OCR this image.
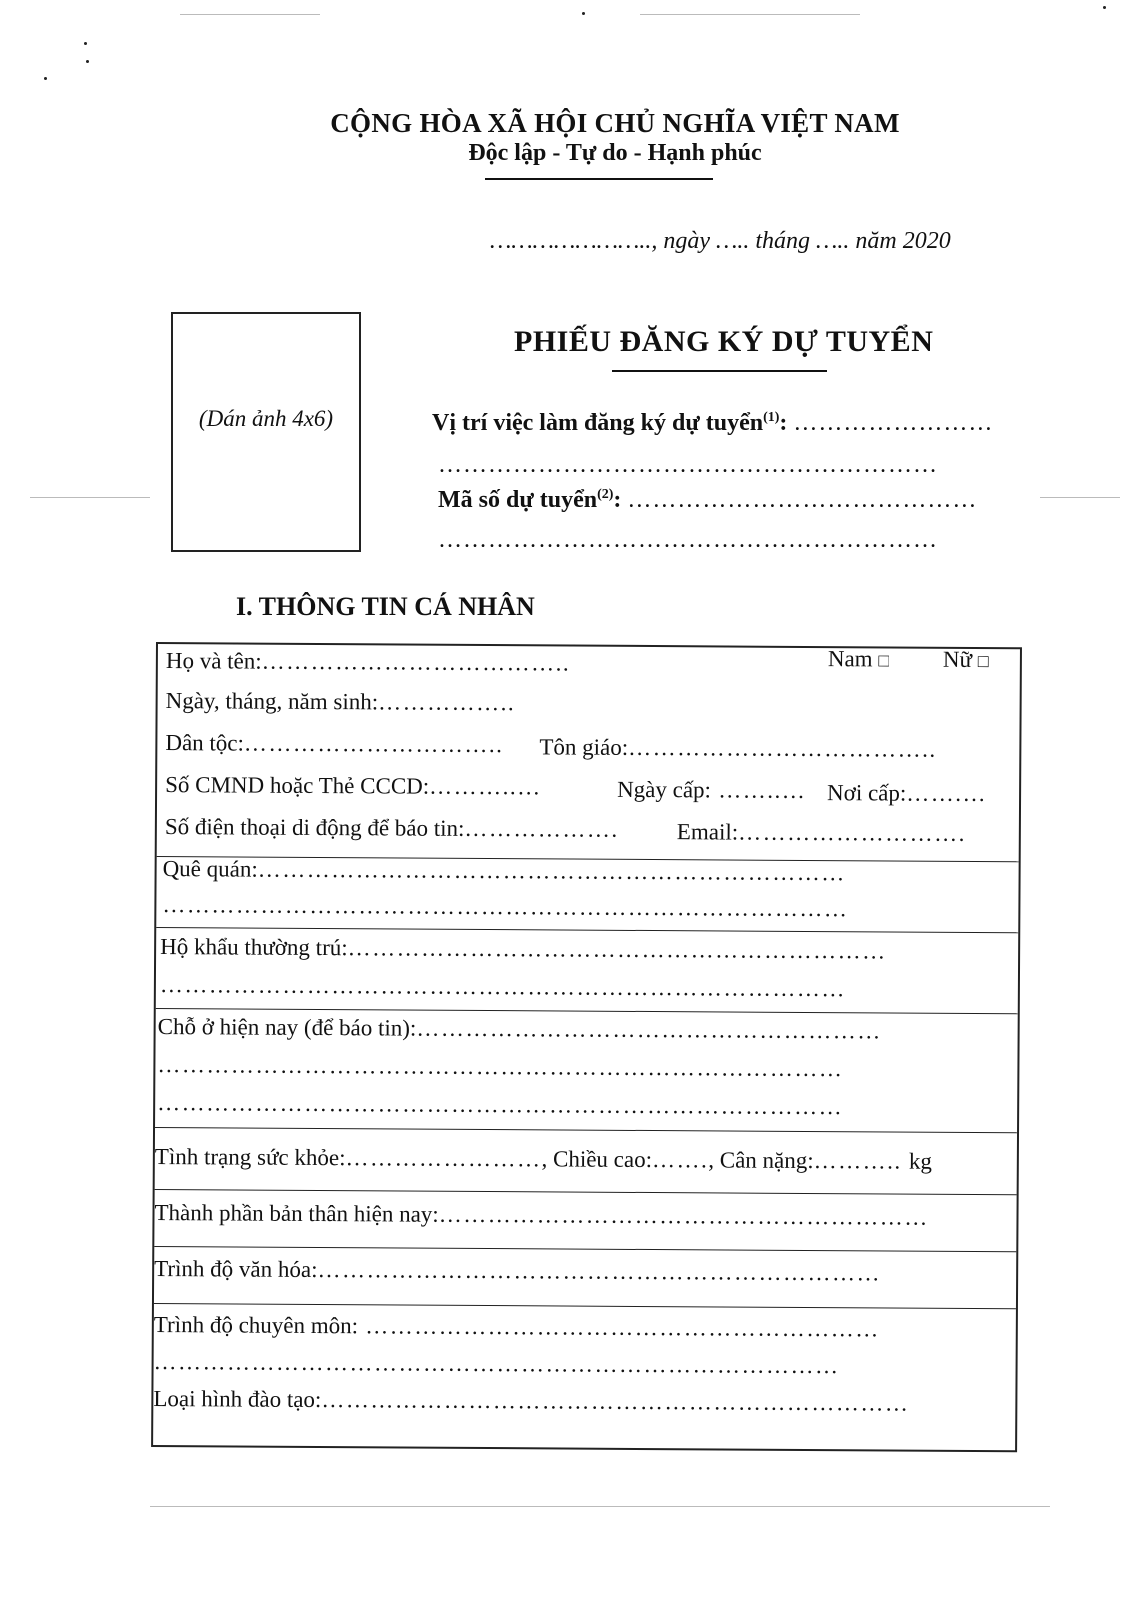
CỘNG HÒA XÃ HỘI CHỦ NGHĨA VIỆT NAM
Độc lập - Tự do - Hạnh phúc
………………….., ngày ….. tháng ….. năm 2020
(Dán ảnh 4x6)
PHIẾU ĐĂNG KÝ DỰ TUYỂN
Vị trí việc làm đăng ký dự tuyển$^{(1)}$: ……………………
……………………………………………………
Mã số dự tuyển$^{(2)}$: ……………………………………
……………………………………………………
I. THÔNG TIN CÁ NHÂN
Họ và tên:………………………………..	Nam □ Nữ □
Ngày, tháng, năm sinh:……………..
Dân tộc:………………………….. Tôn giáo:………………………………..
Số CMND hoặc Thẻ CCCD:………..…	Ngày cấp: ……..… Nơi cấp:…….…
Số điện thoại di động để báo tin:……………….	Email:……………………….
Quê quán:………………………………………………………………
…………………………………………………………………………
Hộ khẩu thường trú:…………………………………………………………
…………………………………………………………………………
Chỗ ở hiện nay (để báo tin):…………………………………………………
…………………………………………………………………………
…………………………………………………………………………
Tình trạng sức khỏe:……………………, Chiều cao:……., Cân nặng:……….. kg
Thành phần bản thân hiện nay:……………………………………………………
Trình độ văn hóa:……………………………………………………………
Trình độ chuyên môn: ………………………………………………………
…………………………………………………………………………
Loại hình đào tạo:………………………………………………………………
